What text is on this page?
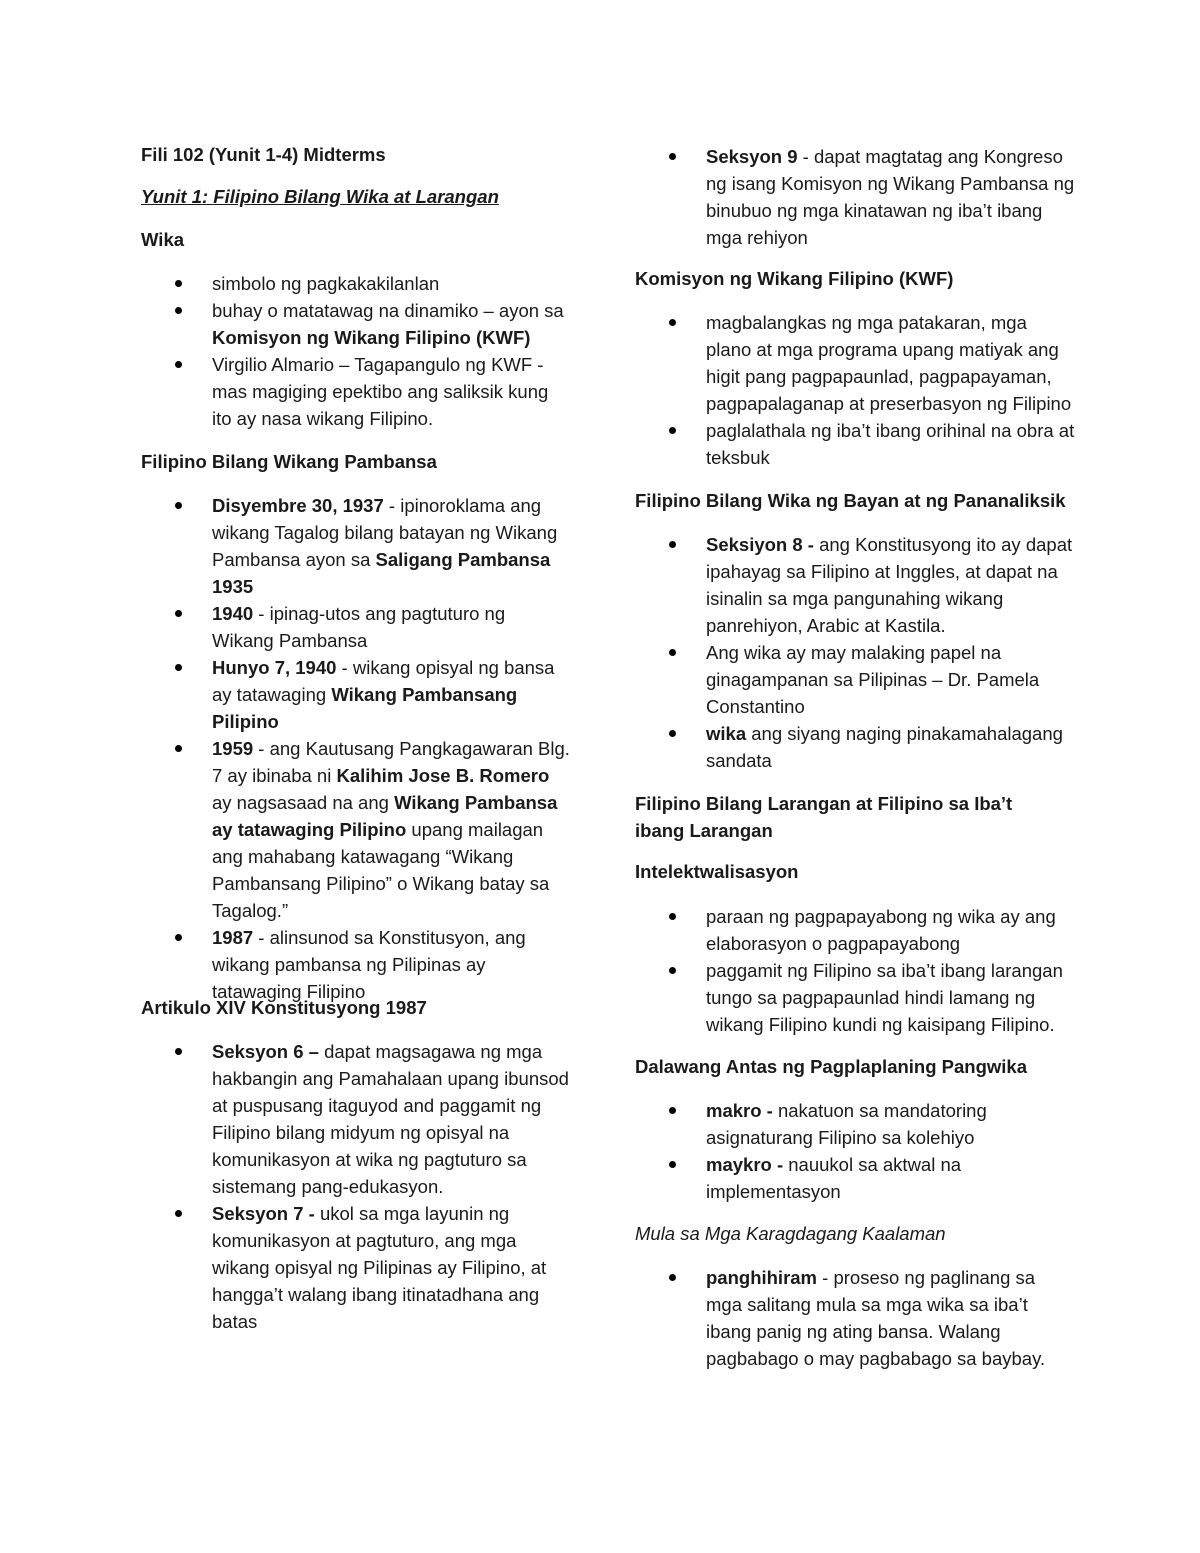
Fili 102 (Yunit 1-4) Midterms

Yunit 1: Filipino Bilang Wika at Larangan

Wika

simbolo ng pagkakakilanlan
buhay o matatawag na dinamiko – ayon sa
Komisyon ng Wikang Filipino (KWF)
Virgilio Almario – Tagapangulo ng KWF - mas magiging epektibo ang saliksik kung ito ay nasa wikang Filipino.

Filipino Bilang Wikang Pambansa

Disyembre 30, 1937 - ipinoroklama ang wikang Tagalog bilang batayan ng Wikang Pambansa ayon sa Saligang Pambansa 1935
1940 - ipinag-utos ang pagtuturo ng Wikang Pambansa
Hunyo 7, 1940 - wikang opisyal ng bansa ay tatawaging Wikang Pambansang Pilipino
1959 - ang Kautusang Pangkagawaran Blg. 7 ay ibinaba ni Kalihim Jose B. Romero ay nagsasaad na ang Wikang Pambansa ay tatawaging Pilipino upang mailagan ang mahabang katawagang “Wikang Pambansang Pilipino” o Wikang batay sa Tagalog.”
1987 - alinsunod sa Konstitusyon, ang wikang pambansa ng Pilipinas ay tatawaging Filipino

Artikulo XIV Konstitusyong 1987

Seksyon 6 – dapat magsagawa ng mga hakbangin ang Pamahalaan upang ibunsod at puspusang itaguyod and paggamit ng Filipino bilang midyum ng opisyal na komunikasyon at wika ng pagtuturo sa sistemang pang-edukasyon.
Seksyon 7 - ukol sa mga layunin ng komunikasyon at pagtuturo, ang mga wikang opisyal ng Pilipinas ay Filipino, at hangga’t walang ibang itinatadhana ang batas
Seksyon 9 - dapat magtatag ang Kongreso ng isang Komisyon ng Wikang Pambansa ng binubuo ng mga kinatawan ng iba’t ibang mga rehiyon

Komisyon ng Wikang Filipino (KWF)

magbalangkas ng mga patakaran, mga plano at mga programa upang matiyak ang higit pang pagpapaunlad, pagpapayaman, pagpapalaganap at preserbasyon ng Filipino
paglalathala ng iba’t ibang orihinal na obra at teksbuk

Filipino Bilang Wika ng Bayan at ng Pananaliksik

Seksiyon 8 - ang Konstitusyong ito ay dapat ipahayag sa Filipino at Inggles, at dapat na isinalin sa mga pangunahing wikang panrehiyon, Arabic at Kastila.
Ang wika ay may malaking papel na ginagampanan sa Pilipinas – Dr. Pamela Constantino
wika ang siyang naging pinakamahalagang sandata

Filipino Bilang Larangan at Filipino sa Iba’t ibang Larangan

Intelektwalisasyon

paraan ng pagpapayabong ng wika ay ang elaborasyon o pagpapayabong
paggamit ng Filipino sa iba’t ibang larangan tungo sa pagpapaunlad hindi lamang ng wikang Filipino kundi ng kaisipang Filipino.

Dalawang Antas ng Pagplaplaning Pangwika

makro - nakatuon sa mandatoring asignaturang Filipino sa kolehiyo
maykro - nauukol sa aktwal na implementasyon

Mula sa Mga Karagdagang Kaalaman

panghihiram - proseso ng paglinang sa mga salitang mula sa mga wika sa iba’t ibang panig ng ating bansa. Walang pagbabago o may pagbabago sa baybay.
